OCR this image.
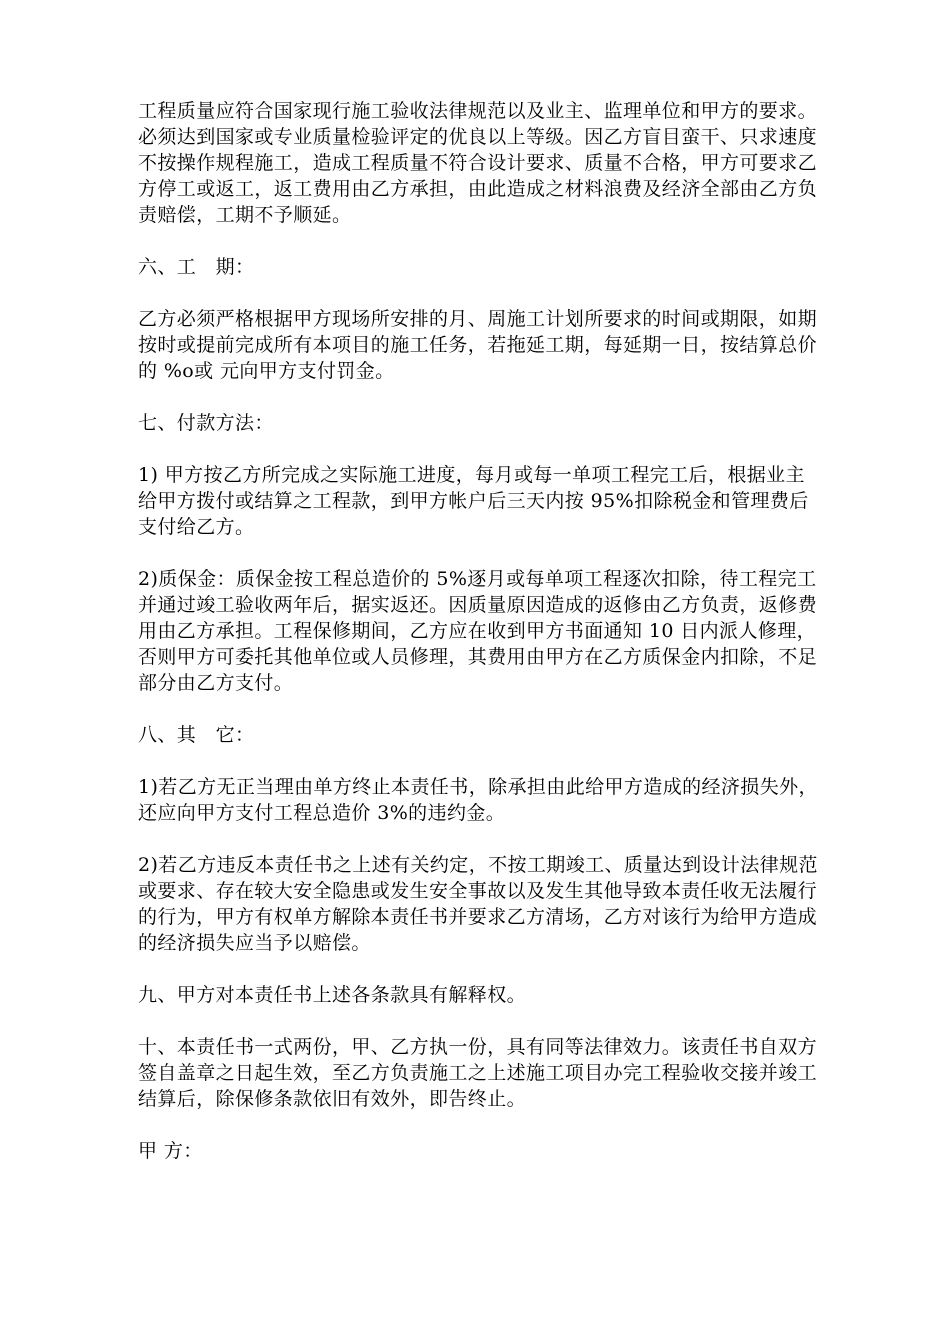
工程质量应符合国家现行施工验收法律规范以及业主、监理单位和甲方的要求。必须达到国家或专业质量检验评定的优良以上等级。因乙方盲目蛮干、只求速度不按操作规程施工，造成工程质量不符合设计要求、质量不合格，甲方可要求乙方停工或返工，返工费用由乙方承担，由此造成之材料浪费及经济全部由乙方负责赔偿，工期不予顺延。

六、工　期：

乙方必须严格根据甲方现场所安排的月、周施工计划所要求的时间或期限，如期按时或提前完成所有本项目的施工任务，若拖延工期，每延期一日，按结算总价的 %o或 元向甲方支付罚金。

七、付款方法：

1) 甲方按乙方所完成之实际施工进度，每月或每一单项工程完工后，根据业主给甲方拨付或结算之工程款，到甲方帐户后三天内按 95%扣除税金和管理费后支付给乙方。

2)质保金：质保金按工程总造价的 5%逐月或每单项工程逐次扣除，待工程完工并通过竣工验收两年后，据实返还。因质量原因造成的返修由乙方负责，返修费用由乙方承担。工程保修期间，乙方应在收到甲方书面通知 10 日内派人修理，否则甲方可委托其他单位或人员修理，其费用由甲方在乙方质保金内扣除，不足部分由乙方支付。

八、其　它：

1)若乙方无正当理由单方终止本责任书，除承担由此给甲方造成的经济损失外，还应向甲方支付工程总造价 3%的违约金。

2)若乙方违反本责任书之上述有关约定，不按工期竣工、质量达到设计法律规范或要求、存在较大安全隐患或发生安全事故以及发生其他导致本责任收无法履行的行为，甲方有权单方解除本责任书并要求乙方清场，乙方对该行为给甲方造成的经济损失应当予以赔偿。

九、甲方对本责任书上述各条款具有解释权。

十、本责任书一式两份，甲、乙方执一份，具有同等法律效力。该责任书自双方签自盖章之日起生效，至乙方负责施工之上述施工项目办完工程验收交接并竣工结算后，除保修条款依旧有效外，即告终止。

甲 方：
